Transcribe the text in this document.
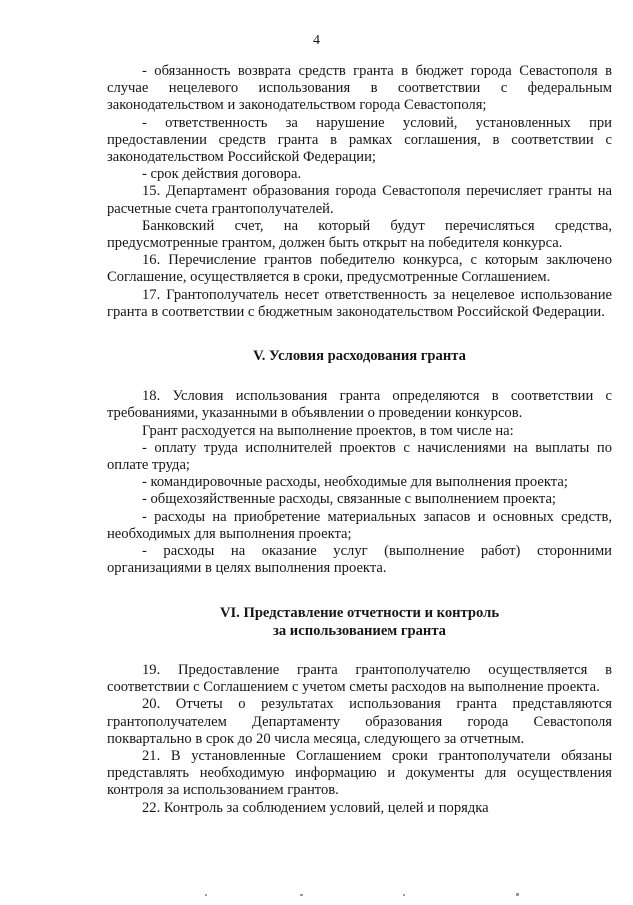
4

- обязанность возврата средств гранта в бюджет города Севастополя в случае нецелевого использования в соответствии с федеральным законодательством и законодательством города Севастополя;

- ответственность за нарушение условий, установленных при предоставлении средств гранта в рамках соглашения, в соответствии с законодательством Российской Федерации;

- срок действия договора.

15. Департамент образования города Севастополя перечисляет гранты на расчетные счета грантополучателей.

Банковский счет, на который будут перечисляться средства, предусмотренные грантом, должен быть открыт на победителя конкурса.

16. Перечисление грантов победителю конкурса, с которым заключено Соглашение, осуществляется в сроки, предусмотренные Соглашением.

17. Грантополучатель несет ответственность за нецелевое использование гранта в соответствии с бюджетным законодательством Российской Федерации.

V. Условия расходования гранта

18. Условия использования гранта определяются в соответствии с требованиями, указанными в объявлении о проведении конкурсов.

Грант расходуется на выполнение проектов, в том числе на:

- оплату труда исполнителей проектов с начислениями на выплаты по оплате труда;

- командировочные расходы, необходимые для выполнения проекта;

- общехозяйственные расходы, связанные с выполнением проекта;

- расходы на приобретение материальных запасов и основных средств, необходимых для выполнения проекта;

- расходы на оказание услуг (выполнение работ) сторонними организациями в целях выполнения проекта.

VI. Представление отчетности и контроль
за использованием гранта

19. Предоставление гранта грантополучателю осуществляется в соответствии с Соглашением с учетом сметы расходов на выполнение проекта.

20. Отчеты о результатах использования гранта представляются грантополучателем Департаменту образования города Севастополя поквартально в срок до 20 числа месяца, следующего за отчетным.

21. В установленные Соглашением сроки грантополучатели обязаны представлять необходимую информацию и документы для осуществления контроля за использованием грантов.

22. Контроль за соблюдением условий, целей и порядка
